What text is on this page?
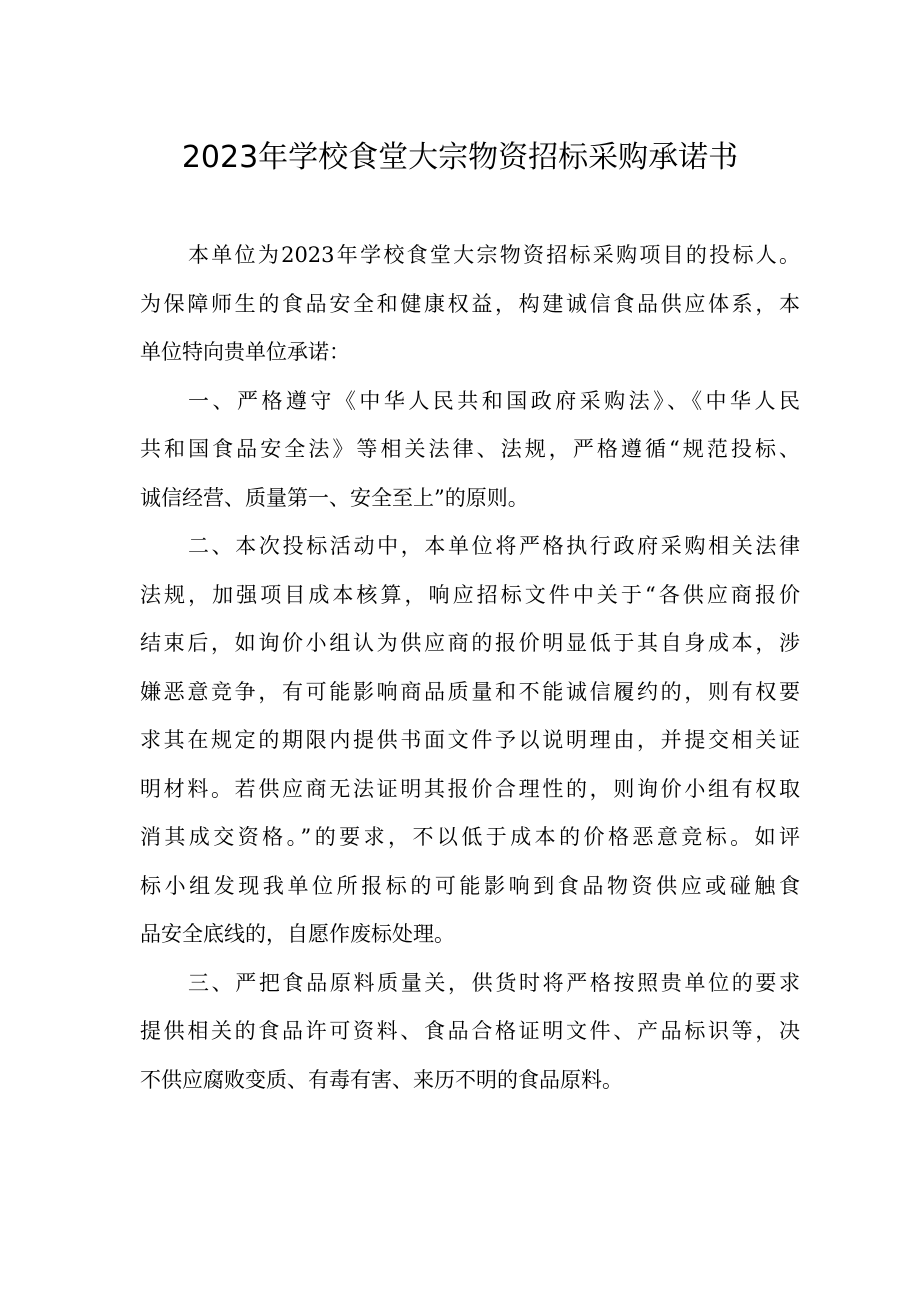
2023年学校食堂大宗物资招标采购承诺书

本单位为2023年学校食堂大宗物资招标采购项目的投标人。
为保障师生的食品安全和健康权益，构建诚信食品供应体系，本
单位特向贵单位承诺：

一、严格遵守《中华人民共和国政府采购法》、《中华人民
共和国食品安全法》等相关法律、法规，严格遵循“规范投标、
诚信经营、质量第一、安全至上”的原则。

二、本次投标活动中，本单位将严格执行政府采购相关法律
法规，加强项目成本核算，响应招标文件中关于“各供应商报价
结束后，如询价小组认为供应商的报价明显低于其自身成本，涉
嫌恶意竞争，有可能影响商品质量和不能诚信履约的，则有权要
求其在规定的期限内提供书面文件予以说明理由，并提交相关证
明材料。若供应商无法证明其报价合理性的，则询价小组有权取
消其成交资格。”的要求，不以低于成本的价格恶意竞标。如评
标小组发现我单位所报标的可能影响到食品物资供应或碰触食
品安全底线的，自愿作废标处理。

三、严把食品原料质量关，供货时将严格按照贵单位的要求
提供相关的食品许可资料、食品合格证明文件、产品标识等，决
不供应腐败变质、有毒有害、来历不明的食品原料。
